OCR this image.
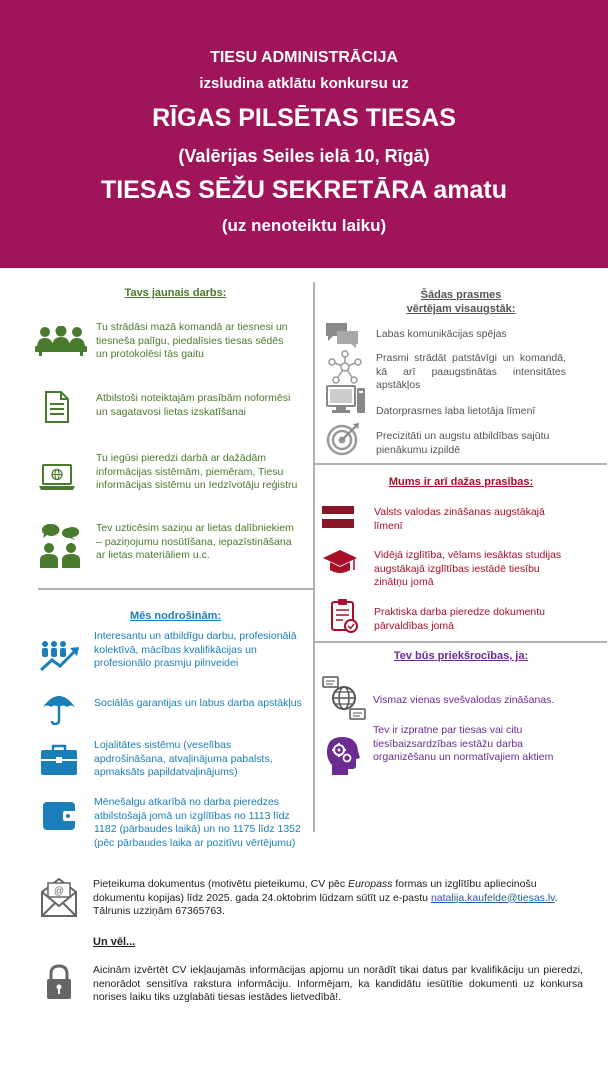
TIESU ADMINISTRĀCIJA
izsludina atklātu konkursu uz
RĪGAS PILSĒTAS TIESAS
(Valērijas Seiles ielā 10, Rīgā)
TIESAS SĒŽU SEKRETĀRA amatu
(uz nenoteiktu laiku)
Tavs jaunais darbs:
Tu strādāsi mazā komandā ar tiesnesi un tiesneša palīgu, piedalīsies tiesas sēdēs un protokolēsi tās gaitu
Atbilstoši noteiktajām prasībām noformēsi un sagatavosi lietas izskatīšanai
Tu iegūsi pieredzi darbā ar dažādām informācijas sistēmām, piemēram, Tiesu informācijas sistēmu un Iedzīvotāju reģistru
Tev uzticēsim saziņu ar lietas dalībniekiem – paziņojumu nosūtīšana, iepazīstināšana ar lietas materiāliem u.c.
Mēs nodrošinām:
Interesantu un atbildīgu darbu, profesionālā kolektīvā, mācības kvalifikācijas un profesionālo prasmju pilnveidei
Sociālās garantijas un labus darba apstākļus
Lojalitātes sistēmu (veselības apdrošināšana, atvaļinājuma pabalsts, apmaksāts papildatvaļinājums)
Mēnešalgu atkarībā no darba pieredzes atbilstošajā jomā un izglītības no 1113 līdz 1182 (pārbaudes laikā) un no 1175 līdz 1352 (pēc pārbaudes laika ar pozitīvu vērtējumu)
Šādas prasmes
vērtējam visaugstāk:
Labas komunikācijas spējas
Prasmi strādāt patstāvīgi un komandā, kā arī paaugstinātas intensitātes apstākļos
Datorprasmes laba lietotāja līmenī
Precizitāti un augstu atbildības sajūtu pienākumu izpildē
Mums ir arī dažas prasības:
Valsts valodas zināšanas augstākajā līmenī
Vidējā izglītība, vēlams iesāktas studijas augstākajā izglītības iestādē tiesību zinātņu jomā
Praktiska darba pieredze dokumentu pārvaldības jomā
Tev būs priekšrocības, ja:
Vismaz vienas svešvalodas zināšanas.
Tev ir izpratne par tiesas vai citu tiesībaizsardzības iestāžu darba organizēšanu un normatīvajiem aktiem
@
Pieteikuma dokumentus (motivētu pieteikumu, CV pēc Europass formas un izglītību apliecinošu dokumentu kopijas) līdz 2025. gada 24.oktobrim lūdzam sūtīt uz e-pastu natalija.kaufelde@tiesas.lv. Tālrunis uzziņām 67365763.
Un vēl...
Aicinām izvērtēt CV iekļaujamās informācijas apjomu un norādīt tikai datus par kvalifikāciju un pieredzi, nenorādot sensitīva rakstura informāciju. Informējam, ka kandidātu iesūtītie dokumenti uz konkursa norises laiku tiks uzglabāti tiesas iestādes lietvedībā!.
